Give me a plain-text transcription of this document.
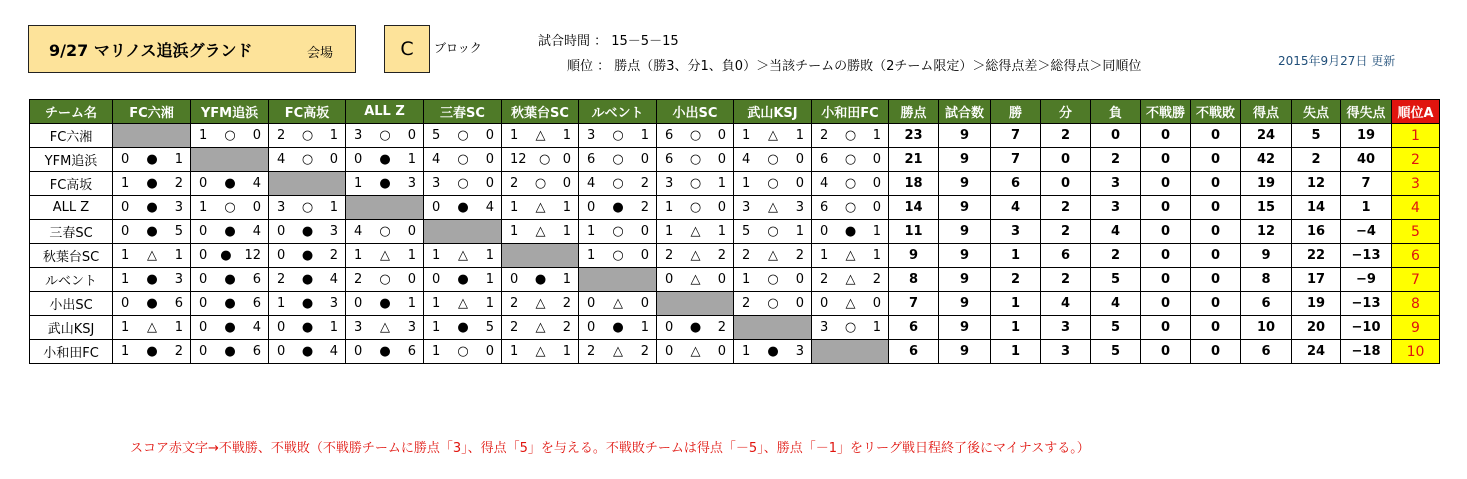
9/27 マリノス追浜グランド	会場	C	ブロック	試合時間 ： 15－5－15
順位 ： 勝点（勝3、分1、負0）＞当該チームの勝敗（2チーム限定）＞総得点差＞総得点＞同順位	2015年9月27日 更新
チーム名	FC六湘	YFM追浜	FC高坂	ALL Z	三春SC	秋葉台SC	ルベント	小出SC	武山KSJ	小和田FC	勝点	試合数	勝	分	負	不戦勝	不戦敗	得点	失点	得失点	順位A
FC六湘		1 ○ 0	2 ○ 1	3 ○ 0	5 ○ 0	1 △ 1	3 ○ 1	6 ○ 0	1 △ 1	2 ○ 1	23	9	7	2	0	0	0	24	5	19	1
YFM追浜	0 ● 1		4 ○ 0	0 ● 1	4 ○ 0	12 ○ 0	6 ○ 0	6 ○ 0	4 ○ 0	6 ○ 0	21	9	7	0	2	0	0	42	2	40	2
FC高坂	1 ● 2	0 ● 4		1 ● 3	3 ○ 0	2 ○ 0	4 ○ 2	3 ○ 1	1 ○ 0	4 ○ 0	18	9	6	0	3	0	0	19	12	7	3
ALL Z	0 ● 3	1 ○ 0	3 ○ 1		0 ● 4	1 △ 1	0 ● 2	1 ○ 0	3 △ 3	6 ○ 0	14	9	4	2	3	0	0	15	14	1	4
三春SC	0 ● 5	0 ● 4	0 ● 3	4 ○ 0		1 △ 1	1 ○ 0	1 △ 1	5 ○ 1	0 ● 1	11	9	3	2	4	0	0	12	16	−4	5
秋葉台SC	1 △ 1	0 ● 12	0 ● 2	1 △ 1	1 △ 1		1 ○ 0	2 △ 2	2 △ 2	1 △ 1	9	9	1	6	2	0	0	9	22	−13	6
ルベント	1 ● 3	0 ● 6	2 ● 4	2 ○ 0	0 ● 1	0 ● 1		0 △ 0	1 ○ 0	2 △ 2	8	9	2	2	5	0	0	8	17	−9	7
小出SC	0 ● 6	0 ● 6	1 ● 3	0 ● 1	1 △ 1	2 △ 2	0 △ 0		2 ○ 0	0 △ 0	7	9	1	4	4	0	0	6	19	−13	8
武山KSJ	1 △ 1	0 ● 4	0 ● 1	3 △ 3	1 ● 5	2 △ 2	0 ● 1	0 ● 2		3 ○ 1	6	9	1	3	5	0	0	10	20	−10	9
小和田FC	1 ● 2	0 ● 6	0 ● 4	0 ● 6	1 ○ 0	1 △ 1	2 △ 2	0 △ 0	1 ● 3		6	9	1	3	5	0	0	6	24	−18	10
スコア赤文字→不戦勝、不戦敗（不戦勝チームに勝点「3」、得点「5」を与える。不戦敗チームは得点「－5」、勝点「－1」をリーグ戦日程終了後にマイナスする。）
